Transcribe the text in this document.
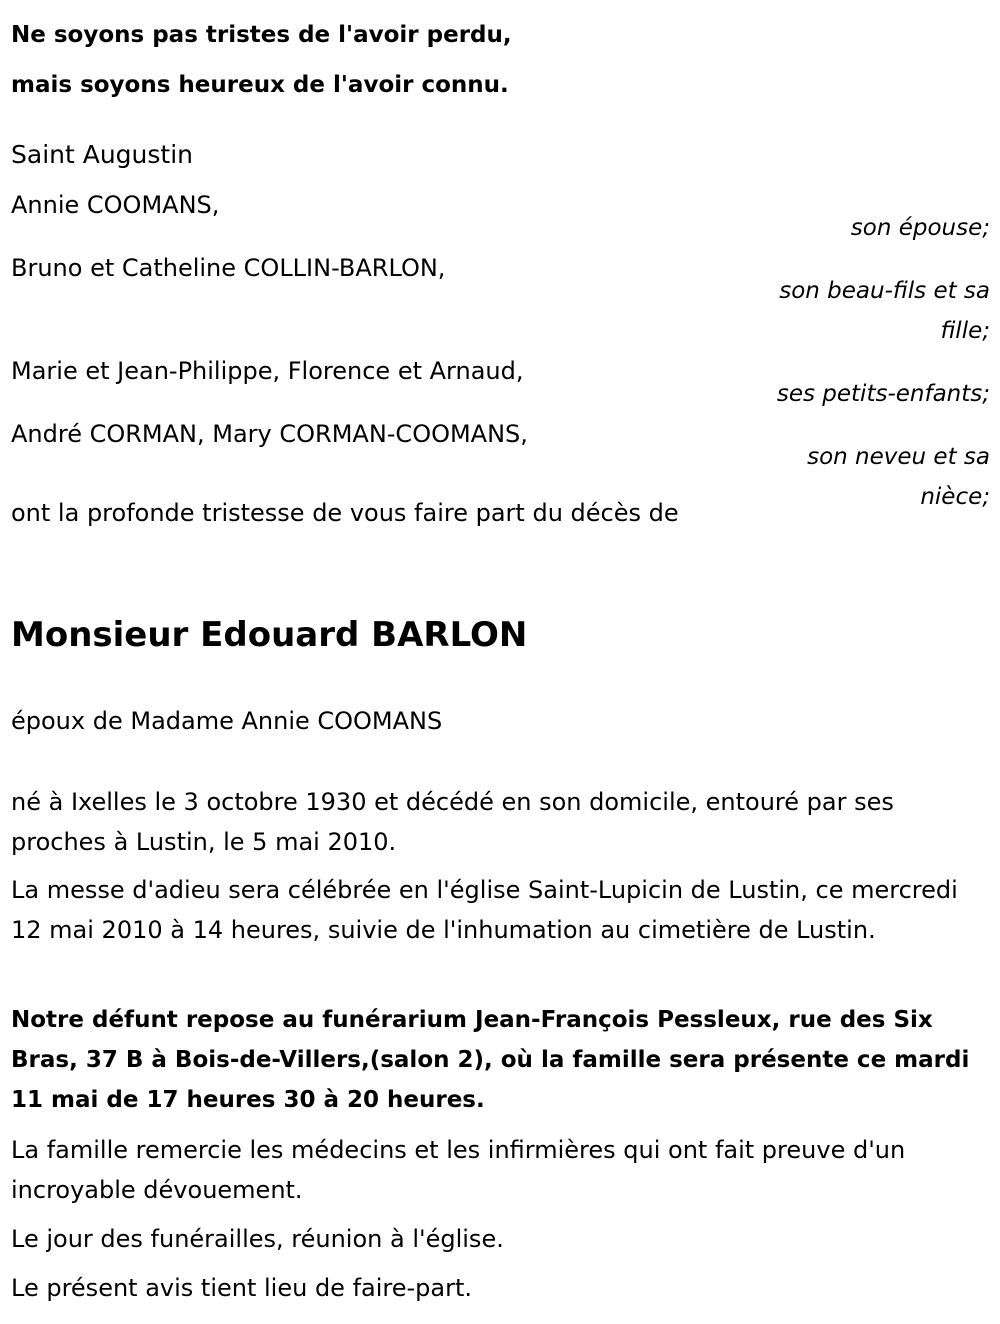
Ne soyons pas tristes de l'avoir perdu,
mais soyons heureux de l'avoir connu.
Saint Augustin
Annie COOMANS,
son épouse;
Bruno et Catheline COLLIN-BARLON,
son beau-fils et sa fille;
Marie et Jean-Philippe, Florence et Arnaud,
ses petits-enfants;
André CORMAN, Mary CORMAN-COOMANS,
son neveu et sa nièce;
ont la profonde tristesse de vous faire part du décès de
Monsieur Edouard BARLON
époux de Madame Annie COOMANS
né à Ixelles le 3 octobre 1930 et décédé en son domicile, entouré par ses proches à Lustin, le 5 mai 2010.
La messe d'adieu sera célébrée en l'église Saint-Lupicin de Lustin, ce mercredi 12 mai 2010 à 14 heures, suivie de l'inhumation au cimetière de Lustin.
Notre défunt repose au funérarium Jean-François Pessleux, rue des Six Bras, 37 B à Bois-de-Villers,(salon 2), où la famille sera présente ce mardi 11 mai de 17 heures 30 à 20 heures.
La famille remercie les médecins et les infirmières qui ont fait preuve d'un incroyable dévouement.
Le jour des funérailles, réunion à l'église.
Le présent avis tient lieu de faire-part.
